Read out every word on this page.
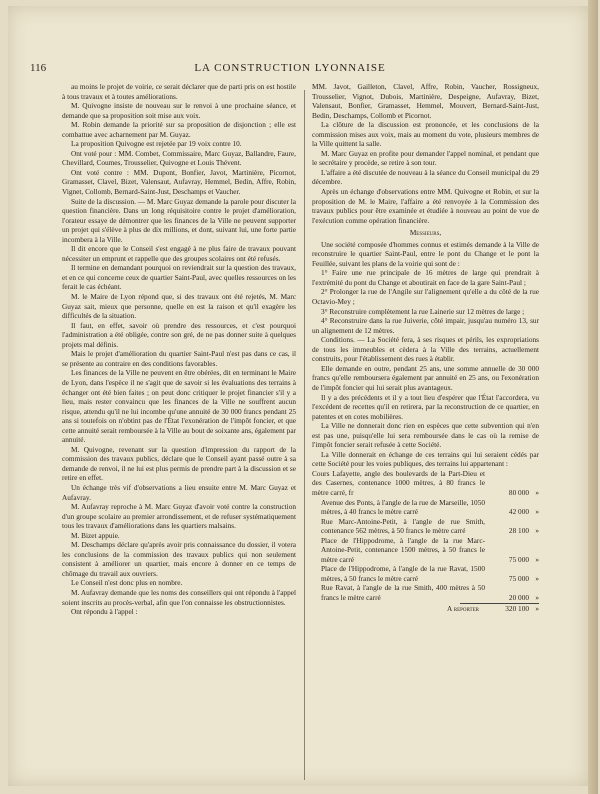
116	LA CONSTRUCTION LYONNAISE

au moins le projet de voirie, ce serait déclarer que de parti pris on est hostile à tous travaux et à toutes améliorations.

M. Quivogne insiste de nouveau sur le renvoi à une prochaine séance, et demande que sa proposition soit mise aux voix.

M. Robin demande la priorité sur sa proposition de disjonction ; elle est combattue avec acharnement par M. Guyaz.

La proposition Quivogne est rejetée par 19 voix contre 10.

Ont voté pour : MM. Combet, Commissaire, Marc Guyaz, Ballandre, Faure, Chevillard, Coumes, Trousselier, Quivogne et Louis Thévent.

Ont voté contre : MM. Dupont, Bonfier, Javot, Martinière, Picornot, Gramasset, Clavel, Bizet, Valensaut, Aufavray, Hemmel, Bedin, Affre, Robin, Vignet, Collomb, Bernard-Saint-Just, Deschamps et Vaucher.

Suite de la discussion. — M. Marc Guyaz demande la parole pour discuter la question financière. Dans un long réquisitoire contre le projet d'amélioration, l'orateur essaye de démontrer que les finances de la Ville ne peuvent supporter un projet qui s'élève à plus de dix millions, et dont, suivant lui, une forte partie incombera à la Ville.

Il dit encore que le Conseil s'est engagé à ne plus faire de travaux pouvant nécessiter un emprunt et rappelle que des groupes scolaires ont été refusés.

Il termine en demandant pourquoi on reviendrait sur la question des travaux, et en ce qui concerne ceux de quartier Saint-Paul, avec quelles ressources on les ferait le cas échéant.

M. le Maire de Lyon répond que, si des travaux ont été rejetés, M. Marc Guyaz sait, mieux que personne, quelle en est la raison et qu'il exagère les difficultés de la situation.

Il faut, en effet, savoir où prendre des ressources, et c'est pourquoi l'administration a été obligée, contre son gré, de ne pas donner suite à quelques projets mal définis.

Mais le projet d'amélioration du quartier Saint-Paul n'est pas dans ce cas, il se présente au contraire en des conditions favorables.

Les finances de la Ville ne peuvent en être obérées, dit en terminant le Maire de Lyon, dans l'espèce il ne s'agit que de savoir si les évaluations des terrains à échanger ont été bien faites ; on peut donc critiquer le projet financier s'il y a lieu, mais rester convaincu que les finances de la Ville ne souffrent aucun risque, attendu qu'il ne lui incombe qu'une annuité de 30 000 francs pendant 25 ans si toutefois on n'obtint pas de l'État l'exonération de l'impôt foncier, et que cette annuité serait remboursée à la Ville au bout de soixante ans, également par annuité.

M. Quivogne, revenant sur la question d'impression du rapport de la commission des travaux publics, déclare que le Conseil ayant passé outre à sa demande de renvoi, il ne lui est plus permis de prendre part à la discussion et se retire en effet.

Un échange très vif d'observations a lieu ensuite entre M. Marc Guyaz et Aufavray.

M. Aufavray reproche à M. Marc Guyaz d'avoir voté contre la construction d'un groupe scolaire au premier arrondissement, et de refuser systématiquement tous les travaux d'améliorations dans les quartiers malsains.

M. Bizet appuie.

M. Deschamps déclare qu'après avoir pris connaissance du dossier, il votera les conclusions de la commission des travaux publics qui non seulement consistent à améliorer un quartier, mais encore à donner en ce temps de chômage du travail aux ouvriers.

Le Conseil n'est donc plus en nombre.

M. Aufavray demande que les noms des conseillers qui ont répondu à l'appel soient inscrits au procès-verbal, afin que l'on connaisse les obstructionnistes.

Ont répondu à l'appel :

MM. Javot, Gailleton, Clavel, Affre, Robin, Vaucher, Rossigneux, Trousselier, Vignot, Dubois, Martinière, Despeigne, Aufavray, Bizet, Valensaut, Bonfier, Gramasset, Hemmel, Mouvert, Bernard-Saint-Just, Bedin, Deschamps, Collomb et Picornot.

La clôture de la discussion est prononcée, et les conclusions de la commission mises aux voix, mais au moment du vote, plusieurs membres de la Ville quittent la salle.

M. Marc Guyaz en profite pour demander l'appel nominal, et pendant que le secrétaire y procède, se retire à son tour.

L'affaire a été discutée de nouveau à la séance du Conseil municipal du 29 décembre.

Après un échange d'observations entre MM. Quivogne et Robin, et sur la proposition de M. le Maire, l'affaire a été renvoyée à la Commission des travaux publics pour être examinée et étudiée à nouveau au point de vue de l'exécution comme opération financière.

Messieurs,

Une société composée d'hommes connus et estimés demande à la Ville de reconstruire le quartier Saint-Paul, entre le pont du Change et le pont la Feuillée, suivant les plans de la voirie qui sont de :

1° Faire une rue principale de 16 mètres de large qui prendrait à l'extrémité du pont du Change et aboutirait en face de la gare Saint-Paul ;

2° Prolonger la rue de l'Angile sur l'alignement qu'elle a du côté de la rue Octavio-Mey ;

3° Reconstruire complètement la rue Lainerie sur 12 mètres de large ;

4° Reconstruire dans la rue Juiverie, côté impair, jusqu'au numéro 13, sur un alignement de 12 mètres.

Conditions. — La Société fera, à ses risques et périls, les expropriations de tous les immeubles et cèdera à la Ville des terrains, actuellement construits, pour l'établissement des rues à établir.

Elle demande en outre, pendant 25 ans, une somme annuelle de 30 000 francs qu'elle remboursera également par annuité en 25 ans, ou l'exonération de l'impôt foncier qui lui serait plus avantageux.

Il y a des précédents et il y a tout lieu d'espérer que l'État l'accordera, vu l'excédent de recettes qu'il en retirera, par la reconstruction de ce quartier, en patentes et en cotes mobilières.

La Ville ne donnerait donc rien en espèces que cette subvention qui n'en est pas une, puisqu'elle lui sera remboursée dans le cas où la remise de l'impôt foncier serait refusée à cette Société.

La Ville donnerait en échange de ces terrains qui lui seraient cédés par cette Société pour les voies publiques, des terrains lui appartenant :

Cours Lafayette, angle des boulevards de la Part-Dieu et des Casernes, contenance 1000 mètres, à 80 francs le mètre carré, fr	80 000 »
Avenue des Ponts, à l'angle de la rue de Marseille, 1050 mètres, à 40 francs le mètre carré	42 000 »
Rue Marc-Antoine-Petit, à l'angle de rue Smith, contenance 562 mètres, à 50 francs le mètre carré	28 100 »
Place de l'Hippodrome, à l'angle de la rue Marc-Antoine-Petit, contenance 1500 mètres, à 50 francs le mètre carré	75 000 »
Place de l'Hippodrome, à l'angle de la rue Ravat, 1500 mètres, à 50 francs le mètre carré	75 000 »
Rue Ravat, à l'angle de la rue Smith, 400 mètres à 50 francs le mètre carré	20 000 »
A reporter	320 100 »
